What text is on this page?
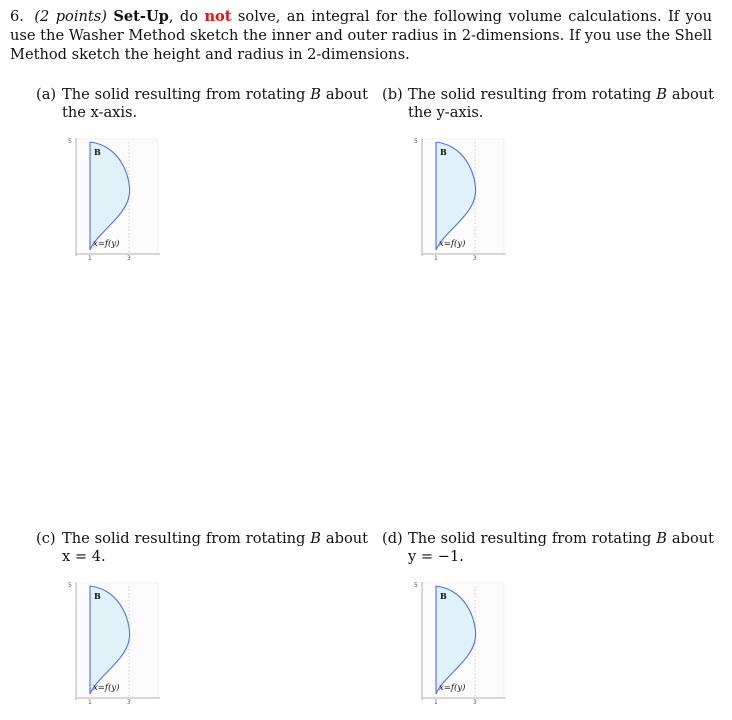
6. (2 points) Set-Up, do not solve, an integral for the following volume calculations. If you use the Washer Method sketch the inner and outer radius in 2-dimensions. If you use the Shell Method sketch the height and radius in 2-dimensions.
(a) The solid resulting from rotating B about
the x-axis.
(b) The solid resulting from rotating B about
the y-axis.
(c) The solid resulting from rotating B about
x = 4.
(d) The solid resulting from rotating B about
y = −1.
B
x=f(y)
5
1	3
B
x=f(y)
5
1	3
B
x=f(y)
5
1	3
B
x=f(y)
5
1	3
